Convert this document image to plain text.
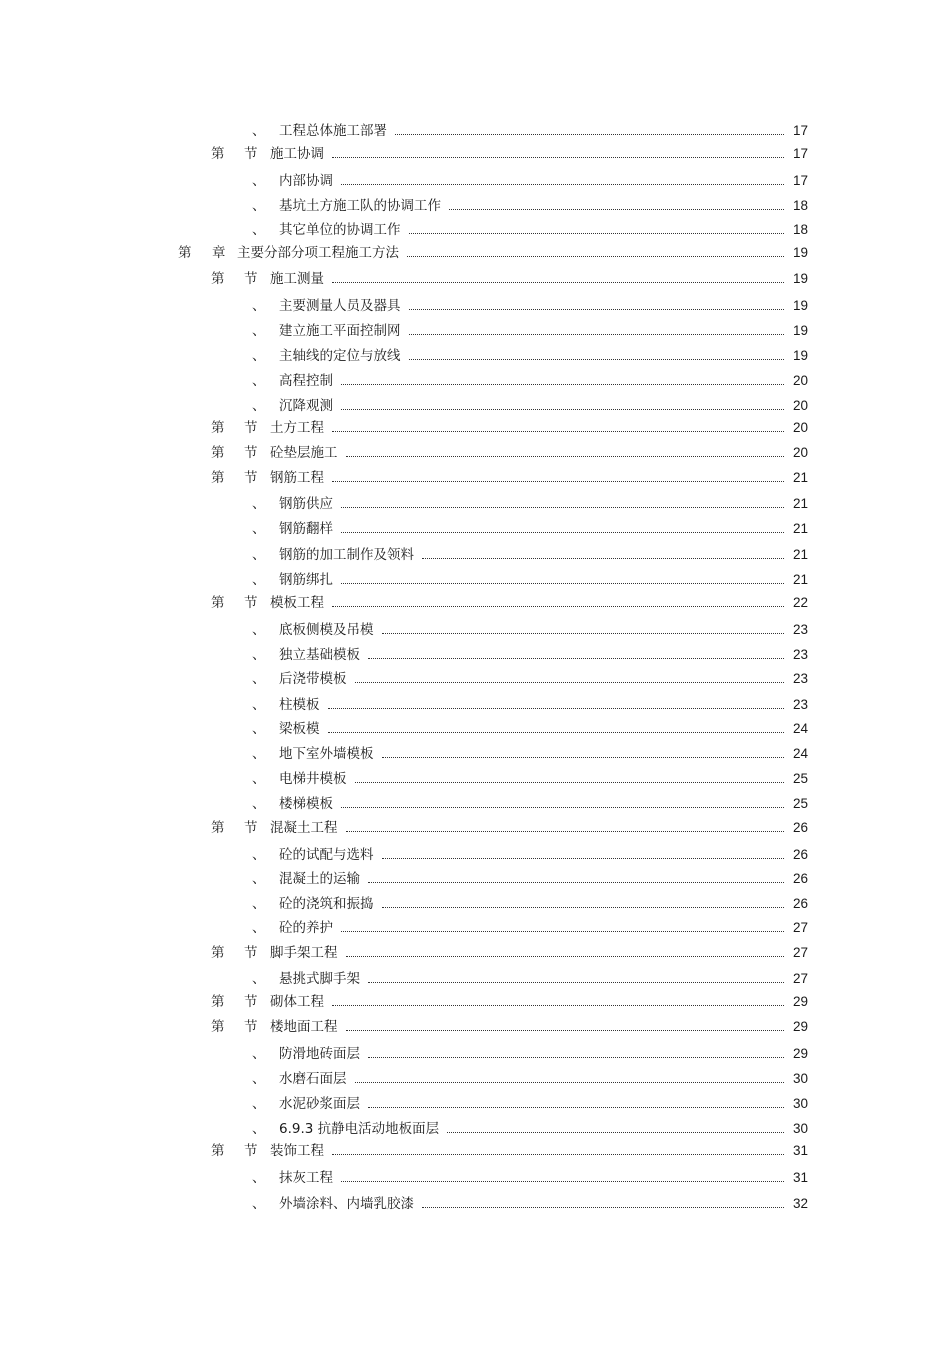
、 工程总体施工部署	17
第 节 施工协调	17
、 内部协调	17
、 基坑土方施工队的协调工作	18
、 其它单位的协调工作	18
第 章 主要分部分项工程施工方法	19
第 节 施工测量	19
、 主要测量人员及器具	19
、 建立施工平面控制网	19
、 主轴线的定位与放线	19
、 高程控制	20
、 沉降观测	20
第 节 土方工程	20
第 节 砼垫层施工	20
第 节 钢筋工程	21
、 钢筋供应	21
、 钢筋翻样	21
、 钢筋的加工制作及领料	21
、 钢筋绑扎	21
第 节 模板工程	22
、 底板侧模及吊模	23
、 独立基础模板	23
、 后浇带模板	23
、 柱模板	23
、 梁板模	24
、 地下室外墙模板	24
、 电梯井模板	25
、 楼梯模板	25
第 节 混凝土工程	26
、 砼的试配与选料	26
、 混凝土的运输	26
、 砼的浇筑和振捣	26
、 砼的养护	27
第 节 脚手架工程	27
、 悬挑式脚手架	27
第 节 砌体工程	29
第 节 楼地面工程	29
、 防滑地砖面层	29
、 水磨石面层	30
、 水泥砂浆面层	30
、 6.9.3 抗静电活动地板面层	30
第 节 装饰工程	31
、 抹灰工程	31
、 外墙涂料、内墙乳胶漆	32
